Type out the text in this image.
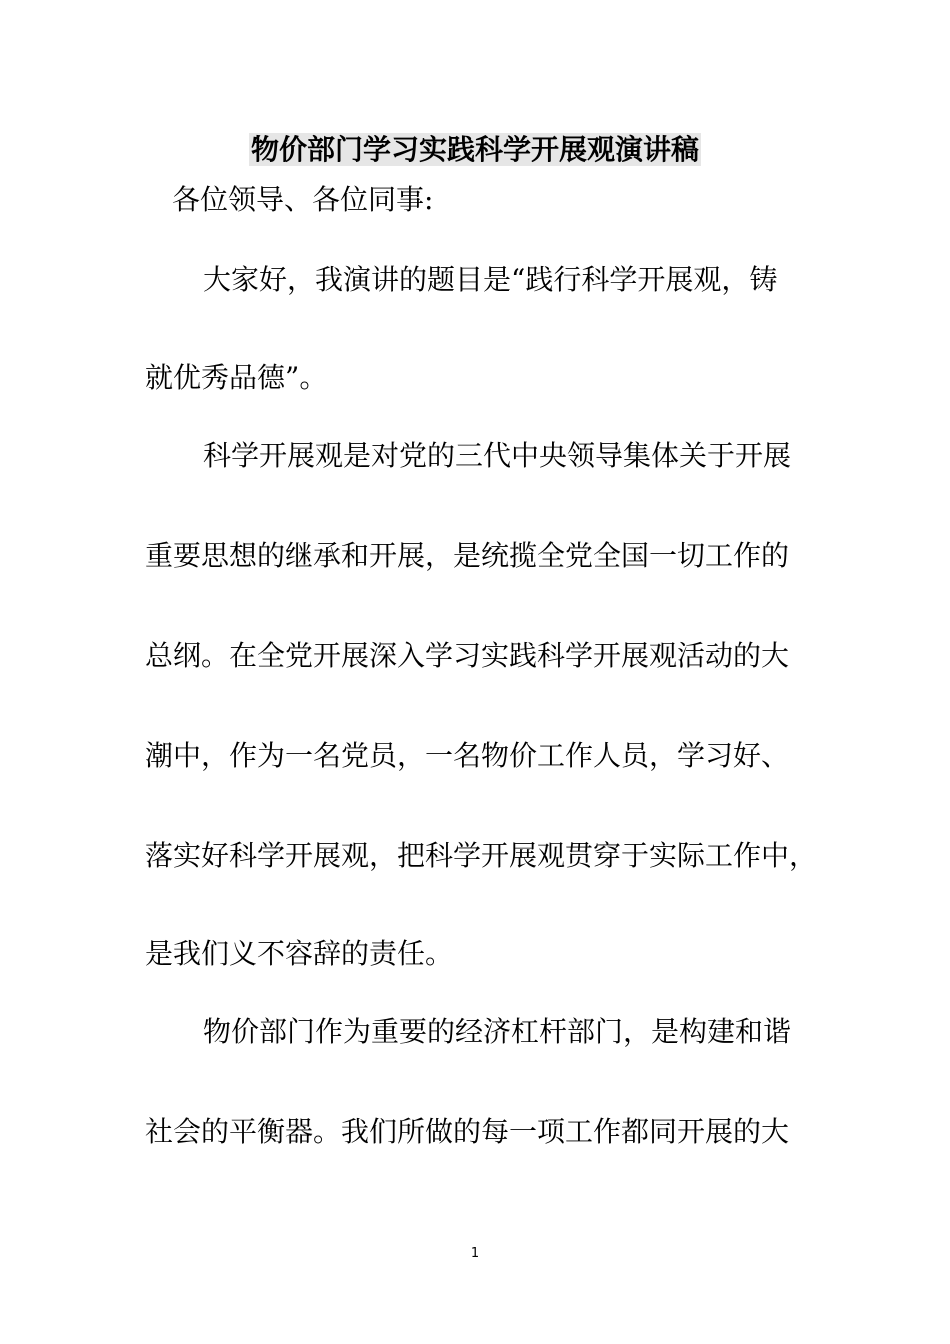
物价部门学习实践科学开展观演讲稿
各位领导、各位同事:
大家好，我演讲的题目是“践行科学开展观，铸
就优秀品德”。
科学开展观是对党的三代中央领导集体关于开展
重要思想的继承和开展，是统揽全党全国一切工作的
总纲。在全党开展深入学习实践科学开展观活动的大
潮中，作为一名党员，一名物价工作人员，学习好、
落实好科学开展观，把科学开展观贯穿于实际工作中，
是我们义不容辞的责任。
物价部门作为重要的经济杠杆部门，是构建和谐
社会的平衡器。我们所做的每一项工作都同开展的大
1
